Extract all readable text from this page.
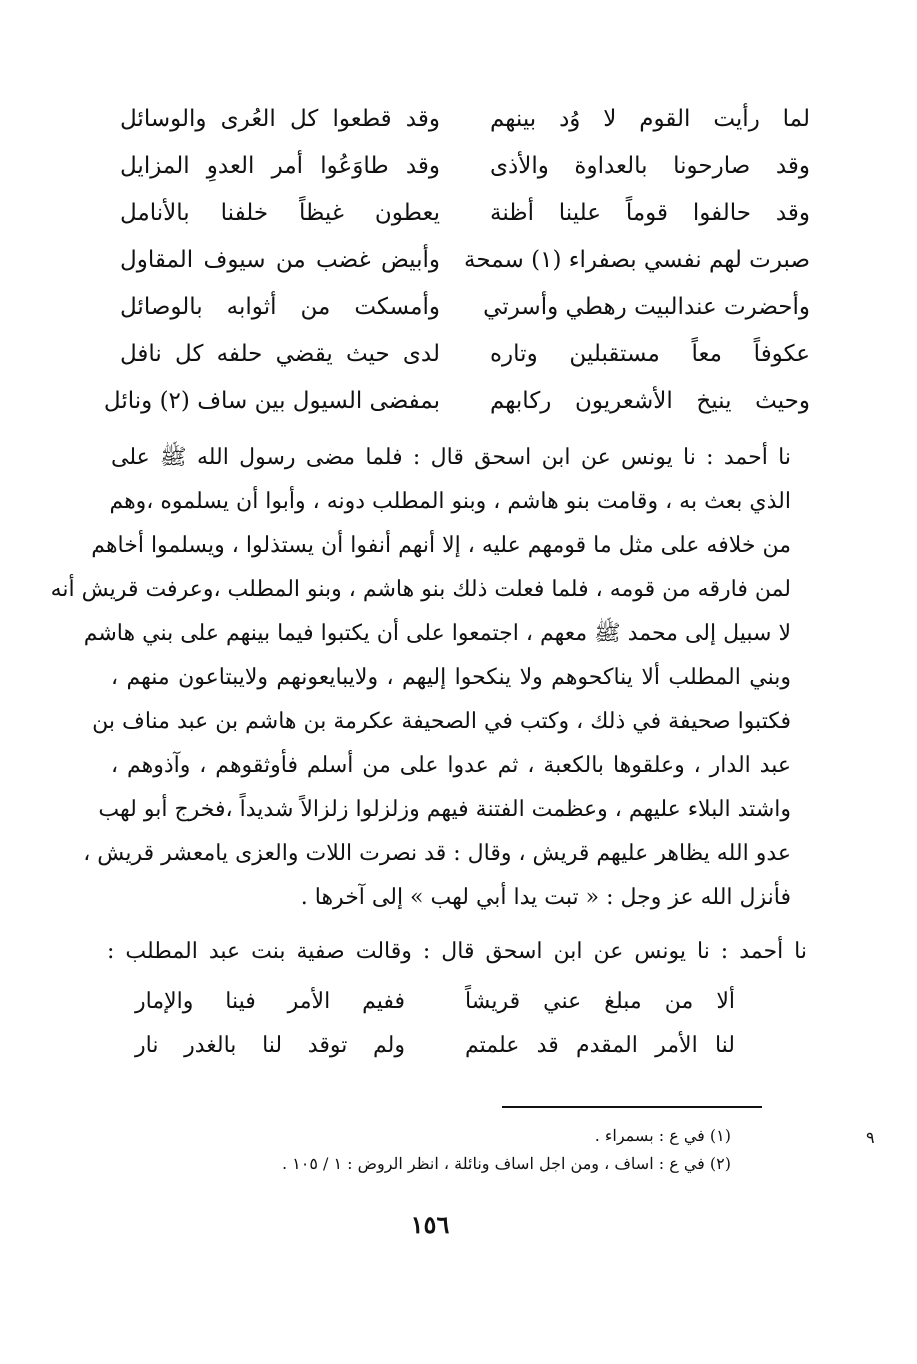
لما رأيت القوم لا وُد بينهم
وقد صارحونا بالعداوة والأذى
وقد حالفوا قوماً علينا أظنة
صبرت لهم نفسي بصفراء (١) سمحة
وأحضرت عندالبيت رهطي وأسرتي
عكوفاً معاً مستقبلين وتاره
وحيث ينيخ الأشعريون ركابهم
وقد قطعوا كل العُرى والوسائل
وقد طاوَعُوا أمر العدوِ المزايل
يعطون غيظاً خلفنا بالأنامل
وأبيض غضب من سيوف المقاول
وأمسكت من أثوابه بالوصائل
لدى حيث يقضي حلفه كل نافل
بمفضى السيول بين ساف (٢) ونائل
نا أحمد : نا يونس عن ابن اسحق قال : فلما مضى رسول الله ﷺ على
الذي بعث به ، وقامت بنو هاشم ، وبنو المطلب دونه ، وأبوا أن يسلموه ،وهم
من خلافه على مثل ما قومهم عليه ، إلا أنهم أنفوا أن يستذلوا ، ويسلموا أخاهم
لمن فارقه من قومه ، فلما فعلت ذلك بنو هاشم ، وبنو المطلب ،وعرفت قريش أنه
لا سبيل إلى محمد ﷺ معهم ، اجتمعوا على أن يكتبوا فيما بينهم على بني هاشم
وبني المطلب ألا يناكحوهم ولا ينكحوا إليهم ، ولايبايعونهم ولايبتاعون منهم ،
فكتبوا صحيفة في ذلك ، وكتب في الصحيفة عكرمة بن هاشم بن عبد مناف بن
عبد الدار ، وعلقوها بالكعبة ، ثم عدوا على من أسلم فأوثقوهم ، وآذوهم ،
واشتد البلاء عليهم ، وعظمت الفتنة فيهم وزلزلوا زلزالاً شديداً ،فخرج أبو لهب
عدو الله يظاهر عليهم قريش ، وقال : قد نصرت اللات والعزى يامعشر قريش ،
فأنزل الله عز وجل : « تبت يدا أبي لهب » إلى آخرها .
نا أحمد : نا يونس عن ابن اسحق قال : وقالت صفية بنت عبد المطلب :
ألا من مبلغ عني قريشاً
ففيم الأمر فينا والإمار
لنا الأمر المقدم قد علمتم
ولم توقد لنا بالغدر نار
(١) في ع : بسمراء .
(٢) في ع : اساف ، ومن اجل اساف ونائلة ، انظر الروض : ١ / ١٠٥ .
٩
١٥٦
